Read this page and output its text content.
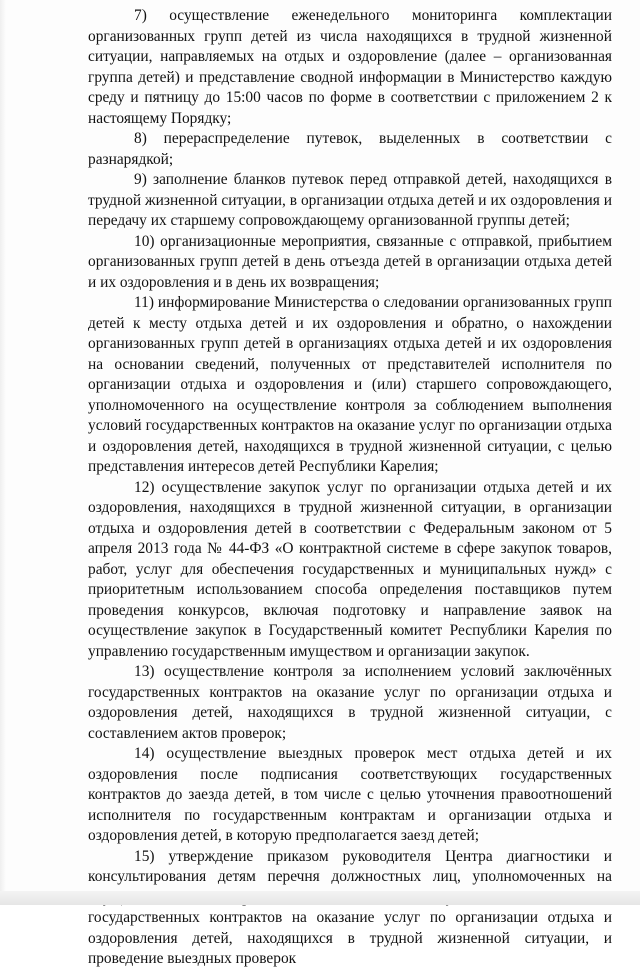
7) осуществление еженедельного мониторинга комплектации организованных групп детей из числа находящихся в трудной жизненной ситуации, направляемых на отдых и оздоровление (далее – организованная группа детей) и представление сводной информации в Министерство каждую среду и пятницу до 15:00 часов по форме в соответствии с приложением 2 к настоящему Порядку;

8) перераспределение путевок, выделенных в соответствии с разнарядкой;

9) заполнение бланков путевок перед отправкой детей, находящихся в трудной жизненной ситуации, в организации отдыха детей и их оздоровления и передачу их старшему сопровождающему организованной группы детей;

10) организационные мероприятия, связанные с отправкой, прибытием организованных групп детей в день отъезда детей в организации отдыха детей и их оздоровления и в день их возвращения;

11) информирование Министерства о следовании организованных групп детей к месту отдыха детей и их оздоровления и обратно, о нахождении организованных групп детей в организациях отдыха детей и их оздоровления на основании сведений, полученных от представителей исполнителя по организации отдыха и оздоровления и (или) старшего сопровождающего, уполномоченного на осуществление контроля за соблюдением выполнения условий государственных контрактов на оказание услуг по организации отдыха и оздоровления детей, находящихся в трудной жизненной ситуации, с целью представления интересов детей Республики Карелия;

12) осуществление закупок услуг по организации отдыха детей и их оздоровления, находящихся в трудной жизненной ситуации, в организации отдыха и оздоровления детей в соответствии с Федеральным законом от 5 апреля 2013 года № 44-ФЗ «О контрактной системе в сфере закупок товаров, работ, услуг для обеспечения государственных и муниципальных нужд» с приоритетным использованием способа определения поставщиков путем проведения конкурсов, включая подготовку и направление заявок на осуществление закупок в Государственный комитет Республики Карелия по управлению государственным имуществом и организации закупок.

13) осуществление контроля за исполнением условий заключённых государственных контрактов на оказание услуг по организации отдыха и оздоровления детей, находящихся в трудной жизненной ситуации, с составлением актов проверок;

14) осуществление выездных проверок мест отдыха детей и их оздоровления после подписания соответствующих государственных контрактов до заезда детей, в том числе с целью уточнения правоотношений исполнителя по государственным контрактам и организации отдыха и оздоровления детей, в которую предполагается заезд детей;

15) утверждение приказом руководителя Центра диагностики и консультирования детям перечня должностных лиц, уполномоченных на государственных контрактов на оказание услуг по организации отдыха и оздоровления детей, находящихся в трудной жизненной ситуации, и проведение выездных проверок
